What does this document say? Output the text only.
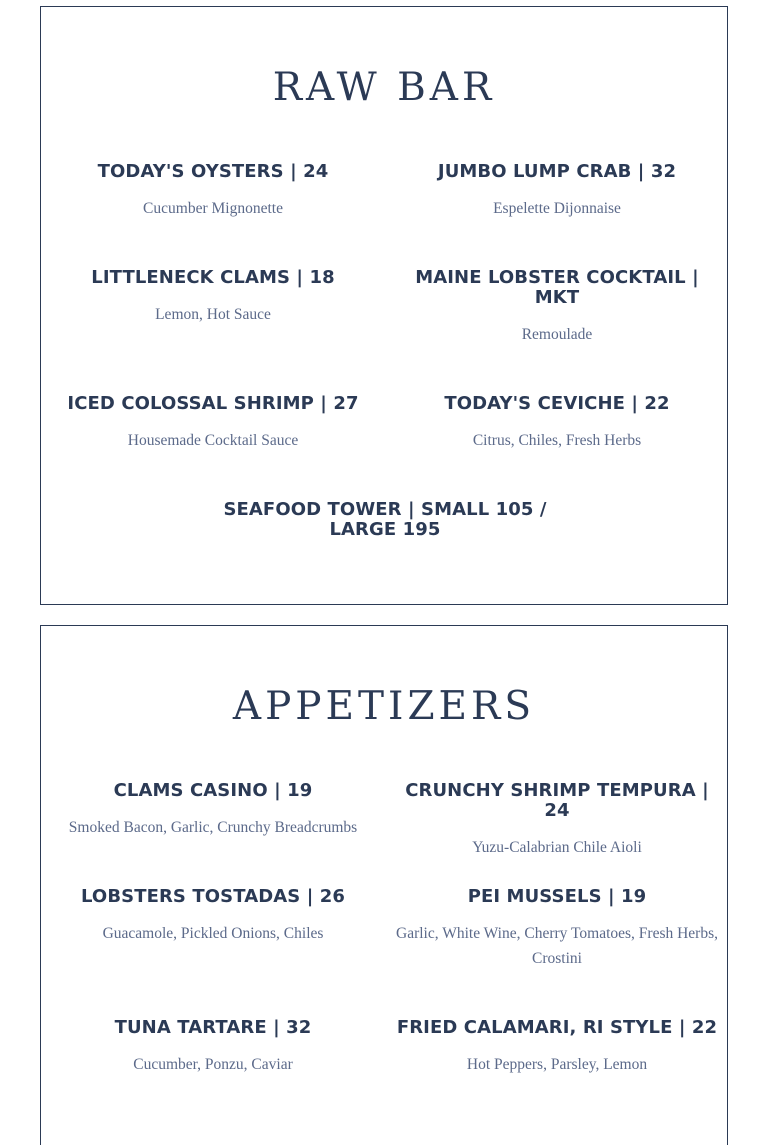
RAW BAR
TODAY'S OYSTERS | 24
Cucumber Mignonette
JUMBO LUMP CRAB | 32
Espelette Dijonnaise
LITTLENECK CLAMS | 18
Lemon, Hot Sauce
MAINE LOBSTER COCKTAIL | MKT
Remoulade
ICED COLOSSAL SHRIMP | 27
Housemade Cocktail Sauce
TODAY'S CEVICHE | 22
Citrus, Chiles, Fresh Herbs
SEAFOOD TOWER | SMALL 105 / LARGE 195
APPETIZERS
CLAMS CASINO | 19
Smoked Bacon, Garlic, Crunchy Breadcrumbs
CRUNCHY SHRIMP TEMPURA | 24
Yuzu-Calabrian Chile Aioli
LOBSTERS TOSTADAS | 26
Guacamole, Pickled Onions, Chiles
PEI MUSSELS | 19
Garlic, White Wine, Cherry Tomatoes, Fresh Herbs, Crostini
TUNA TARTARE | 32
Cucumber, Ponzu, Caviar
FRIED CALAMARI, RI STYLE | 22
Hot Peppers, Parsley, Lemon
